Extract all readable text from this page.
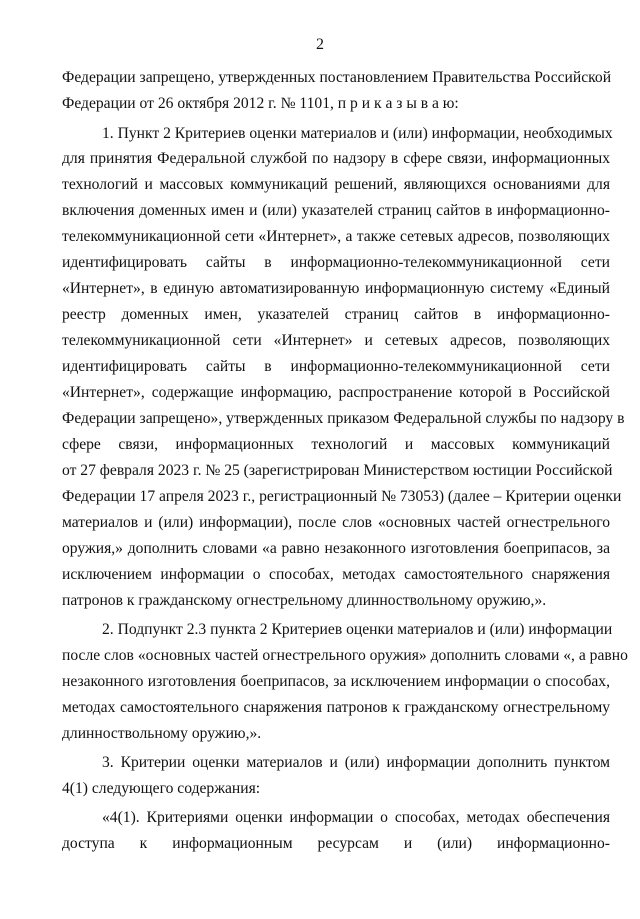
2
Федерации запрещено, утвержденных постановлением Правительства Российской
Федерации от 26 октября 2012 г. № 1101, п р и к а з ы в а ю:
1. Пункт 2 Критериев оценки материалов и (или) информации, необходимых
для принятия Федеральной службой по надзору в сфере связи, информационных
технологий и массовых коммуникаций решений, являющихся основаниями для
включения доменных имен и (или) указателей страниц сайтов в информационно-
телекоммуникационной сети «Интернет», а также сетевых адресов, позволяющих
идентифицировать сайты в информационно-телекоммуникационной сети
«Интернет», в единую автоматизированную информационную систему «Единый
реестр доменных имен, указателей страниц сайтов в информационно-
телекоммуникационной сети «Интернет» и сетевых адресов, позволяющих
идентифицировать сайты в информационно-телекоммуникационной сети
«Интернет», содержащие информацию, распространение которой в Российской
Федерации запрещено», утвержденных приказом Федеральной службы по надзору в
сфере связи, информационных технологий и массовых коммуникаций
от 27 февраля 2023 г. № 25 (зарегистрирован Министерством юстиции Российской
Федерации 17 апреля 2023 г., регистрационный № 73053) (далее – Критерии оценки
материалов и (или) информации), после слов «основных частей огнестрельного
оружия,» дополнить словами «а равно незаконного изготовления боеприпасов, за
исключением информации о способах, методах самостоятельного снаряжения
патронов к гражданскому огнестрельному длинноствольному оружию,».
2. Подпункт 2.3 пункта 2 Критериев оценки материалов и (или) информации
после слов «основных частей огнестрельного оружия» дополнить словами «, а равно
незаконного изготовления боеприпасов, за исключением информации о способах,
методах самостоятельного снаряжения патронов к гражданскому огнестрельному
длинноствольному оружию,».
3. Критерии оценки материалов и (или) информации дополнить пунктом
4(1) следующего содержания:
«4(1). Критериями оценки информации о способах, методах обеспечения
доступа к информационным ресурсам и (или) информационно-
